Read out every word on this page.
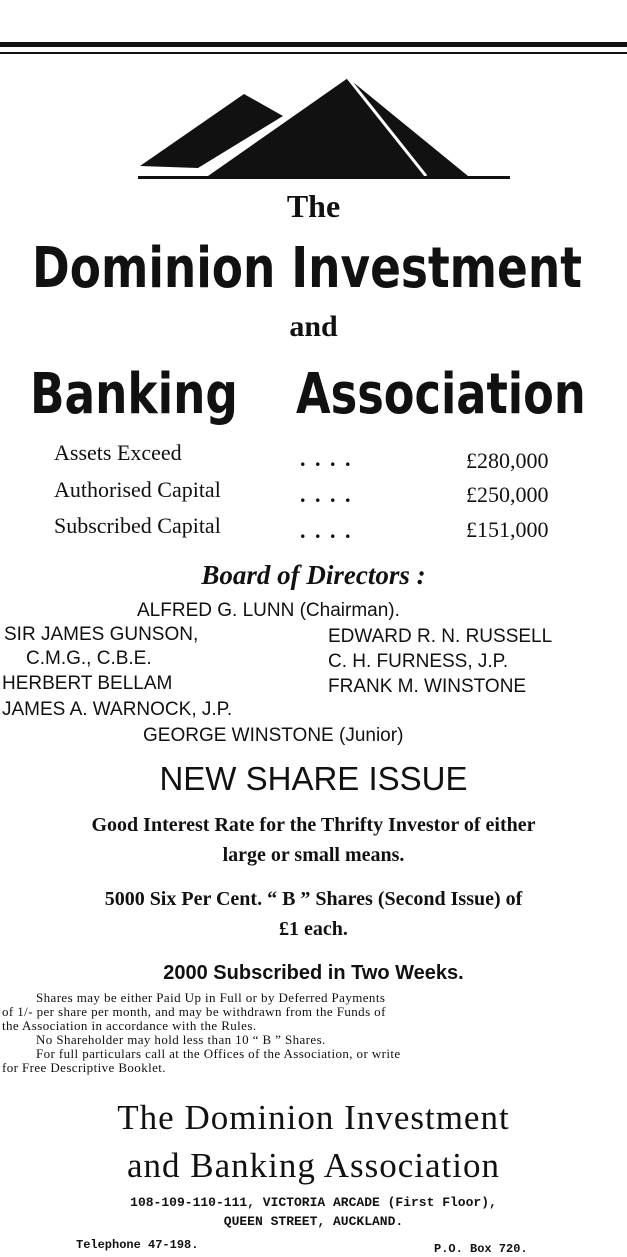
The
Dominion Investment
and
Banking Association
Assets Exceed	. . . .	£280,000
Authorised Capital	. . . .	£250,000
Subscribed Capital	. . . .	£151,000
Board of Directors :
ALFRED G. LUNN (Chairman).
SIR JAMES GUNSON,
C.M.G., C.B.E.
HERBERT BELLAM
JAMES A. WARNOCK, J.P.
EDWARD R. N. RUSSELL
C. H. FURNESS, J.P.
FRANK M. WINSTONE
GEORGE WINSTONE (Junior)
NEW SHARE ISSUE
Good Interest Rate for the Thrifty Investor of either
large or small means.
5000 Six Per Cent. “ B ” Shares (Second Issue) of
£1 each.
2000 Subscribed in Two Weeks.
Shares may be either Paid Up in Full or by Deferred Payments
of 1/- per share per month, and may be withdrawn from the Funds of
the Association in accordance with the Rules.
No Shareholder may hold less than 10 “ B ” Shares.
For full particulars call at the Offices of the Association, or write
for Free Descriptive Booklet.
The Dominion Investment
and Banking Association
108-109-110-111, VICTORIA ARCADE (First Floor),
QUEEN STREET, AUCKLAND.
Telephone 47-198.	P.O. Box 720.
